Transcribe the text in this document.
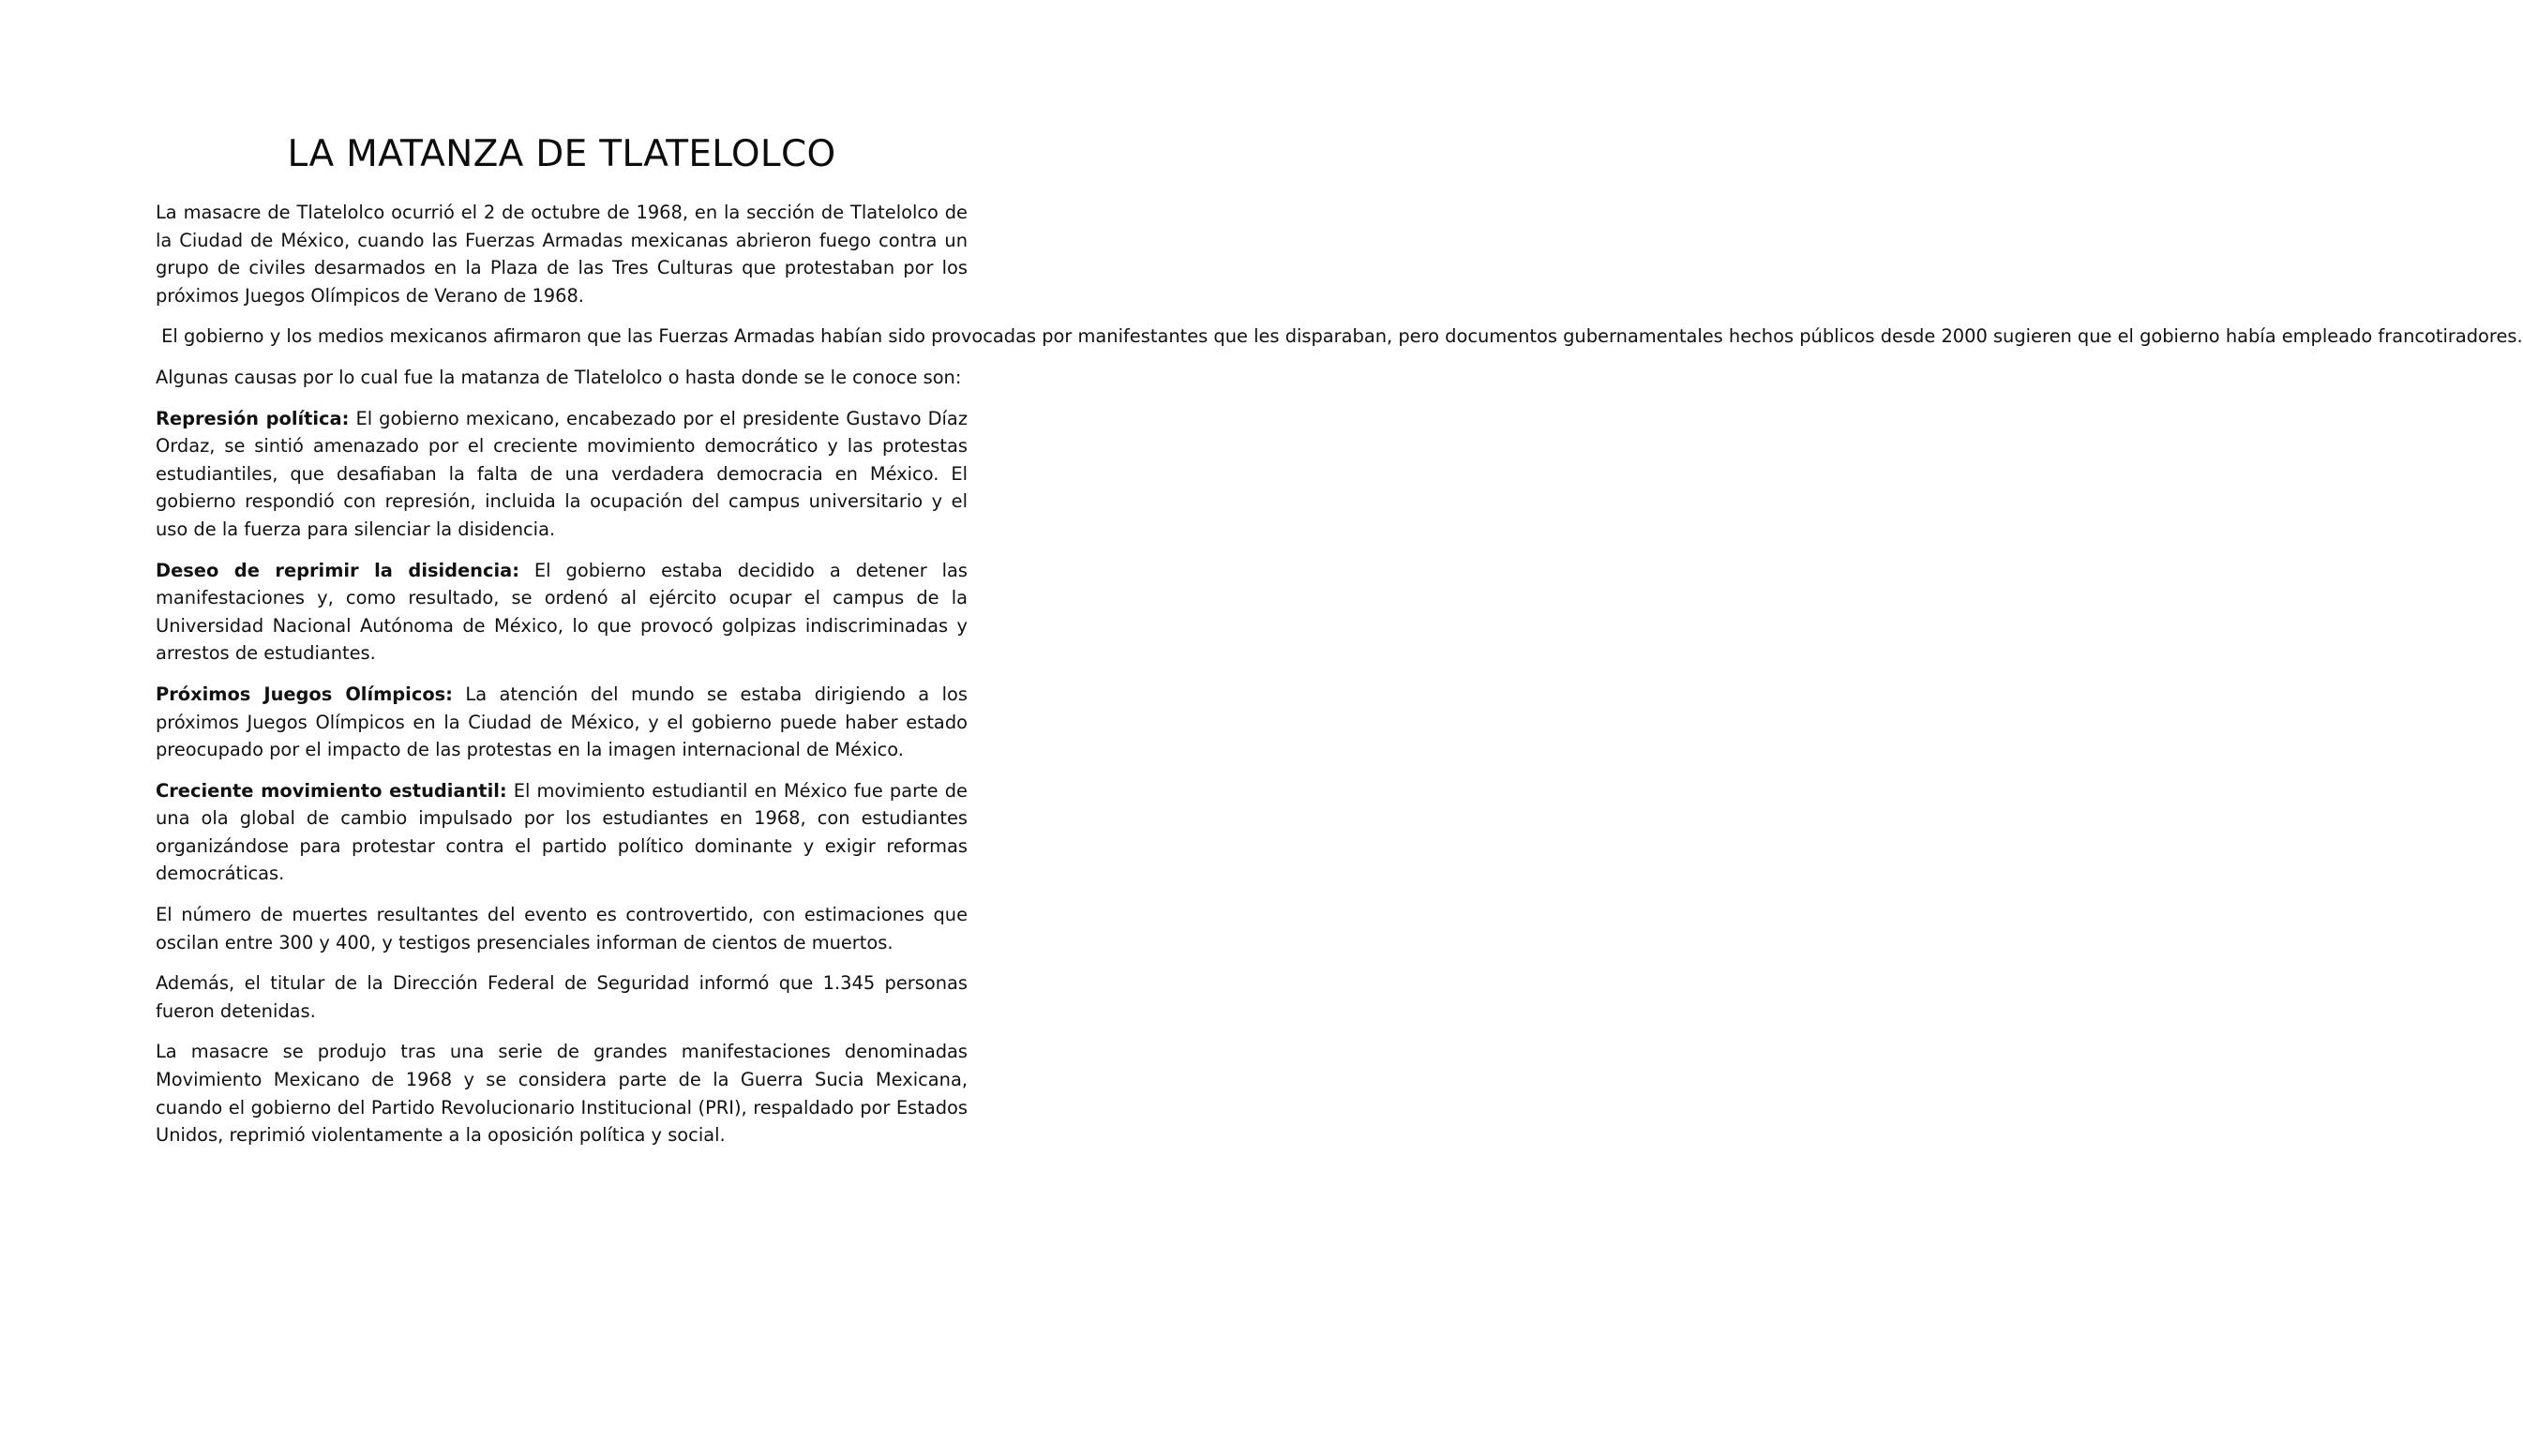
LA MATANZA DE TLATELOLCO

La masacre de Tlatelolco ocurrió el 2 de octubre de 1968, en la sección de Tlatelolco de la Ciudad de México, cuando las Fuerzas Armadas mexicanas abrieron fuego contra un grupo de civiles desarmados en la Plaza de las Tres Culturas que protestaban por los próximos Juegos Olímpicos de Verano de 1968.

El gobierno y los medios mexicanos afirmaron que las Fuerzas Armadas habían sido provocadas por manifestantes que les disparaban, pero documentos gubernamentales hechos públicos desde 2000 sugieren que el gobierno había empleado francotiradores.

Algunas causas por lo cual fue la matanza de Tlatelolco o hasta donde se le conoce son:

Represión política: El gobierno mexicano, encabezado por el presidente Gustavo Díaz Ordaz, se sintió amenazado por el creciente movimiento democrático y las protestas estudiantiles, que desafiaban la falta de una verdadera democracia en México. El gobierno respondió con represión, incluida la ocupación del campus universitario y el uso de la fuerza para silenciar la disidencia.

Deseo de reprimir la disidencia: El gobierno estaba decidido a detener las manifestaciones y, como resultado, se ordenó al ejército ocupar el campus de la Universidad Nacional Autónoma de México, lo que provocó golpizas indiscriminadas y arrestos de estudiantes.

Próximos Juegos Olímpicos: La atención del mundo se estaba dirigiendo a los próximos Juegos Olímpicos en la Ciudad de México, y el gobierno puede haber estado preocupado por el impacto de las protestas en la imagen internacional de México.

Creciente movimiento estudiantil: El movimiento estudiantil en México fue parte de una ola global de cambio impulsado por los estudiantes en 1968, con estudiantes organizándose para protestar contra el partido político dominante y exigir reformas democráticas.

El número de muertes resultantes del evento es controvertido, con estimaciones que oscilan entre 300 y 400, y testigos presenciales informan de cientos de muertos.

Además, el titular de la Dirección Federal de Seguridad informó que 1.345 personas fueron detenidas.

La masacre se produjo tras una serie de grandes manifestaciones denominadas Movimiento Mexicano de 1968 y se considera parte de la Guerra Sucia Mexicana, cuando el gobierno del Partido Revolucionario Institucional (PRI), respaldado por Estados Unidos, reprimió violentamente a la oposición política y social.
